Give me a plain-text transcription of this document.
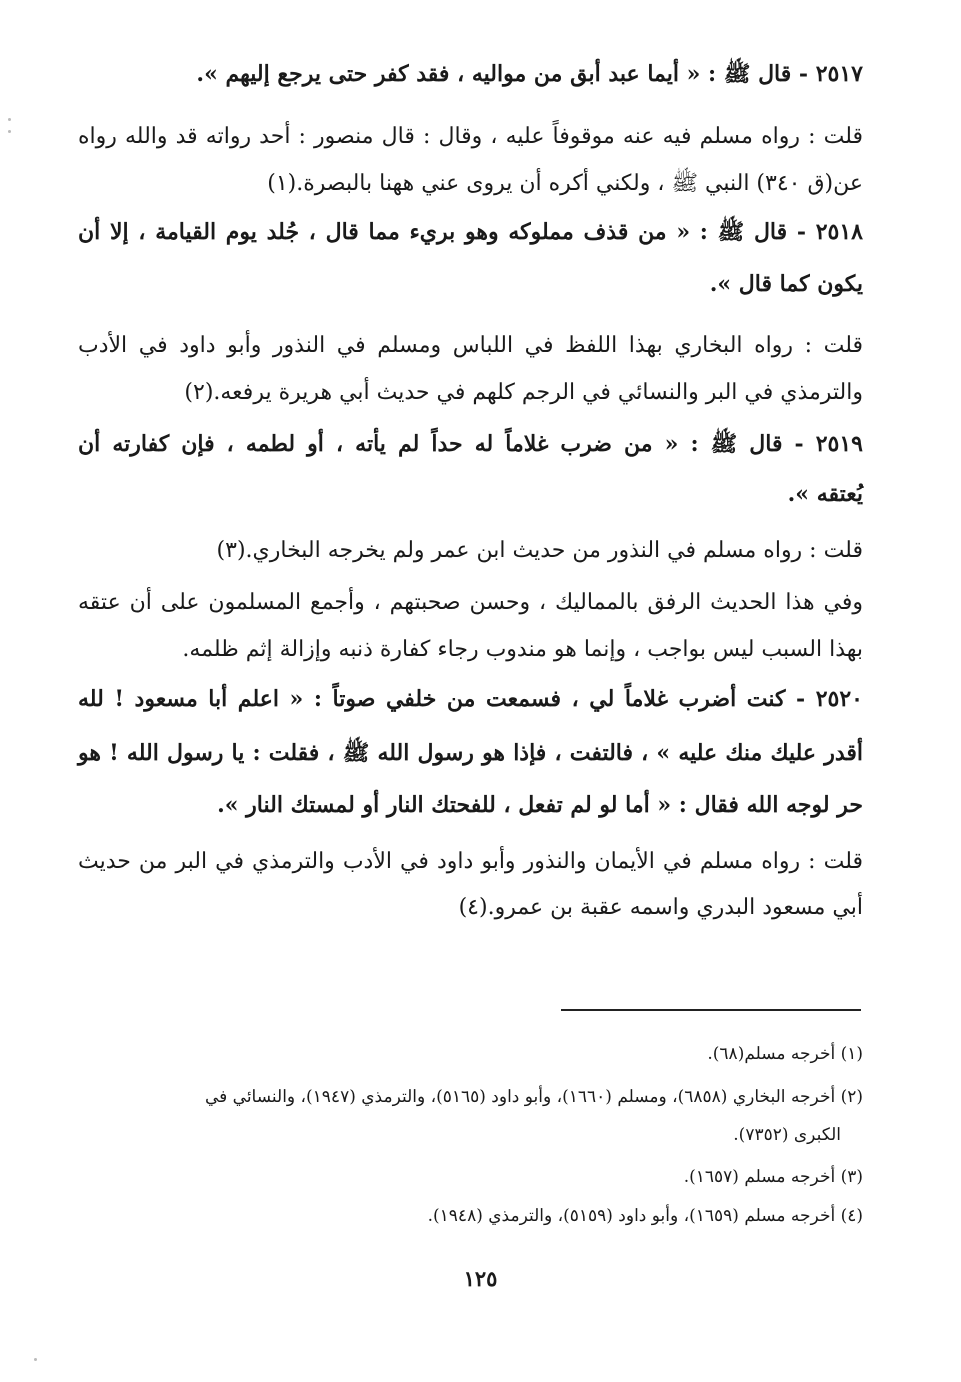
٢٥١٧ - قال ﷺ : « أيما عبد أبق من مواليه ، فقد كفر حتى يرجع إليهم ».
قلت : رواه مسلم فيه عنه موقوفاً عليه ، وقال : قال منصور : أحد رواته قد والله رواه
عن(ق ٣٤٠) النبي ﷺ ، ولكني أكره أن يروى عني ههنا بالبصرة.(١)
٢٥١٨ - قال ﷺ : « من قذف مملوكه وهو بريء مما قال ، جُلد يوم القيامة ، إلا أن
يكون كما قال ».
قلت : رواه البخاري بهذا اللفظ في اللباس ومسلم في النذور وأبو داود في الأدب
والترمذي في البر والنسائي في الرجم كلهم في حديث أبي هريرة يرفعه.(٢)
٢٥١٩ - قال ﷺ : « من ضرب غلاماً له حداً لم يأته ، أو لطمه ، فإن كفارته أن
يُعتقه ».
قلت : رواه مسلم في النذور من حديث ابن عمر ولم يخرجه البخاري.(٣)
وفي هذا الحديث الرفق بالمماليك ، وحسن صحبتهم ، وأجمع المسلمون على أن عتقه
بهذا السبب ليس بواجب ، وإنما هو مندوب رجاء كفارة ذنبه وإزالة إثم ظلمه.
٢٥٢٠ - كنت أضرب غلاماً لي ، فسمعت من خلفي صوتاً : « اعلم أبا مسعود ! لله
أقدر عليك منك عليه » ، فالتفت ، فإذا هو رسول الله ﷺ ، فقلت : يا رسول الله ! هو
حر لوجه الله فقال : « أما لو لم تفعل ، للفحتك النار أو لمستك النار ».
قلت : رواه مسلم في الأيمان والنذور وأبو داود في الأدب والترمذي في البر من حديث
أبي مسعود البدري واسمه عقبة بن عمرو.(٤)
(١) أخرجه مسلم(٦٨).
(٢) أخرجه البخاري (٦٨٥٨)، ومسلم (١٦٦٠)، وأبو داود (٥١٦٥)، والترمذي (١٩٤٧)، والنسائي في
الكبرى (٧٣٥٢).
(٣) أخرجه مسلم (١٦٥٧).
(٤) أخرجه مسلم (١٦٥٩)، وأبو داود (٥١٥٩)، والترمذي (١٩٤٨).
١٢٥
